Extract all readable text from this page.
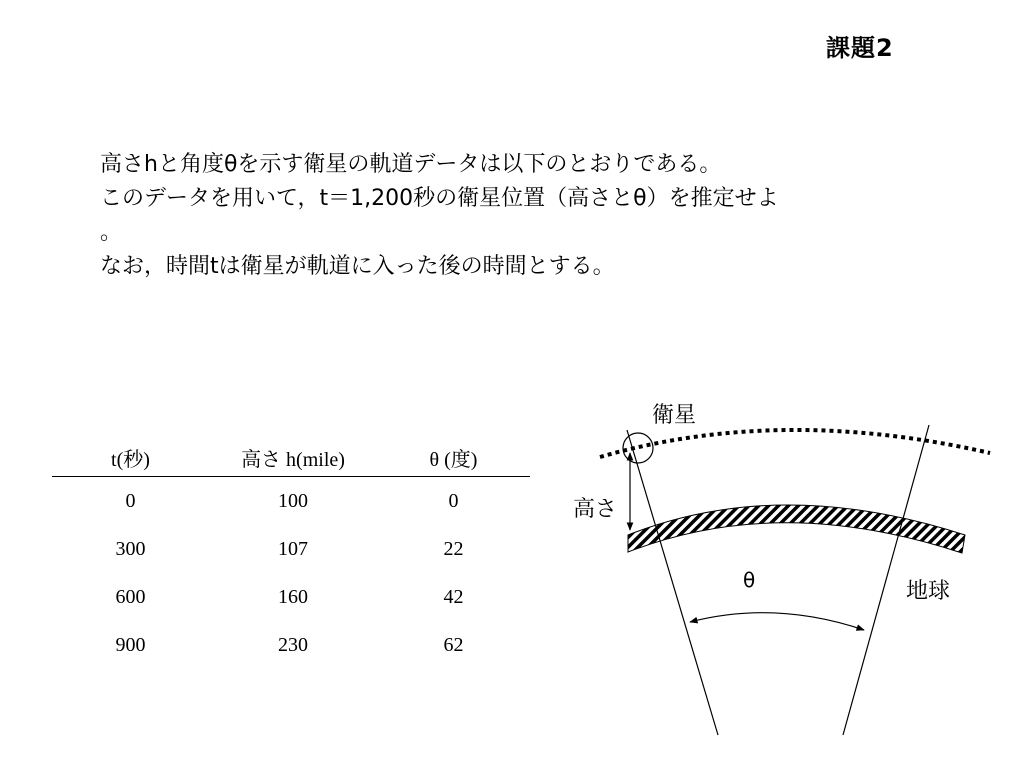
課題2
高さhと角度θを示す衛星の軌道データは以下のとおりである。
このデータを用いて，t＝1,200秒の衛星位置（高さとθ）を推定せよ
。
なお，時間tは衛星が軌道に入った後の時間とする。
t(秒)	高さ h(mile)	θ (度)
0	100	0
300	107	22
600	160	42
900	230	62
衛星
高さ
θ	地球
